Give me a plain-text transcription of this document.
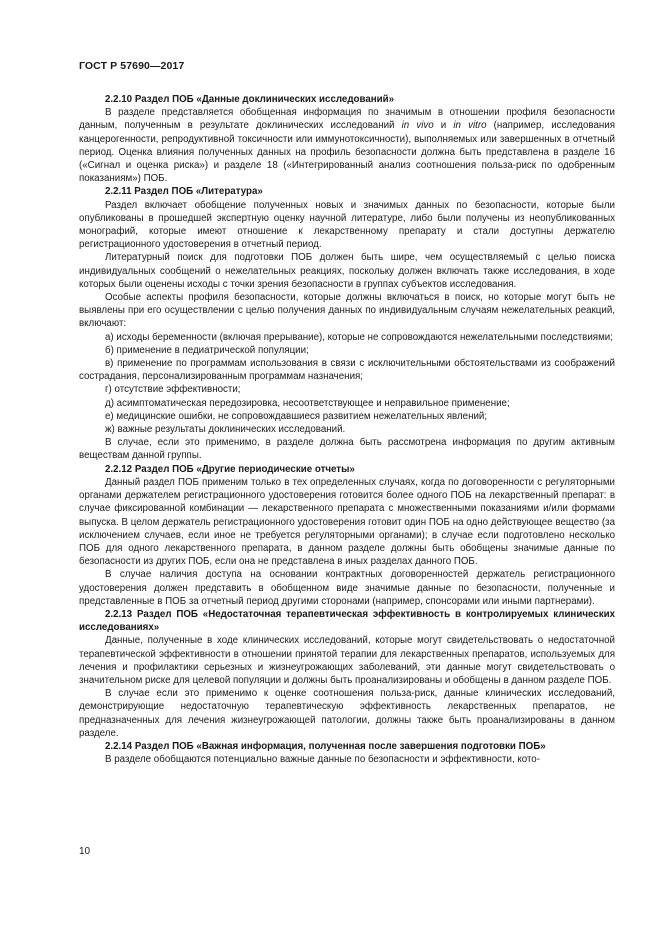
ГОСТ Р 57690—2017

2.2.10 Раздел ПОБ «Данные доклинических исследований»

В разделе представляется обобщенная информация по значимым в отношении профиля безопасности данным, полученным в результате доклинических исследований in vivo и in vitro (например, исследования канцерогенности, репродуктивной токсичности или иммунотоксичности), выполняемых или завершенных в отчетный период. Оценка влияния полученных данных на профиль безопасности должна быть представлена в разделе 16 («Сигнал и оценка риска») и разделе 18 («Интегрированный анализ соотношения польза-риск по одобренным показаниям») ПОБ.

2.2.11 Раздел ПОБ «Литература»

Раздел включает обобщение полученных новых и значимых данных по безопасности, которые были опубликованы в прошедшей экспертную оценку научной литературе, либо были получены из неопубликованных монографий, которые имеют отношение к лекарственному препарату и стали доступны держателю регистрационного удостоверения в отчетный период.

Литературный поиск для подготовки ПОБ должен быть шире, чем осуществляемый с целью поиска индивидуальных сообщений о нежелательных реакциях, поскольку должен включать также исследования, в ходе которых были оценены исходы с точки зрения безопасности в группах субъектов исследования.

Особые аспекты профиля безопасности, которые должны включаться в поиск, но которые могут быть не выявлены при его осуществлении с целью получения данных по индивидуальным случаям нежелательных реакций, включают:

а) исходы беременности (включая прерывание), которые не сопровождаются нежелательными последствиями;

б) применение в педиатрической популяции;

в) применение по программам использования в связи с исключительными обстоятельствами из соображений сострадания, персонализированным программам назначения;

г) отсутствие эффективности;

д) асимптоматическая передозировка, несоответствующее и неправильное применение;

е) медицинские ошибки, не сопровождавшиеся развитием нежелательных явлений;

ж) важные результаты доклинических исследований.

В случае, если это применимо, в разделе должна быть рассмотрена информация по другим активным веществам данной группы.

2.2.12 Раздел ПОБ «Другие периодические отчеты»

Данный раздел ПОБ применим только в тех определенных случаях, когда по договоренности с регуляторными органами держателем регистрационного удостоверения готовится более одного ПОБ на лекарственный препарат: в случае фиксированной комбинации — лекарственного препарата с множественными показаниями и/или формами выпуска. В целом держатель регистрационного удостоверения готовит один ПОБ на одно действующее вещество (за исключением случаев, если иное не требуется регуляторными органами); в случае если подготовлено несколько ПОБ для одного лекарственного препарата, в данном разделе должны быть обобщены значимые данные по безопасности из других ПОБ, если она не представлена в иных разделах данного ПОБ.

В случае наличия доступа на основании контрактных договоренностей держатель регистрационного удостоверения должен представить в обобщенном виде значимые данные по безопасности, полученные и представленные в ПОБ за отчетный период другими сторонами (например, спонсорами или иными партнерами).

2.2.13 Раздел ПОБ «Недостаточная терапевтическая эффективность в контролируемых клинических исследованиях»

Данные, полученные в ходе клинических исследований, которые могут свидетельствовать о недостаточной терапевтической эффективности в отношении принятой терапии для лекарственных препаратов, используемых для лечения и профилактики серьезных и жизнеугрожающих заболеваний, эти данные могут свидетельствовать о значительном риске для целевой популяции и должны быть проанализированы и обобщены в данном разделе ПОБ.

В случае если это применимо к оценке соотношения польза-риск, данные клинических исследований, демонстрирующие недостаточную терапевтическую эффективность лекарственных препаратов, не предназначенных для лечения жизнеугрожающей патологии, должны также быть проанализированы в данном разделе.

2.2.14 Раздел ПОБ «Важная информация, полученная после завершения подготовки ПОБ»

В разделе обобщаются потенциально важные данные по безопасности и эффективности, кото-

10
